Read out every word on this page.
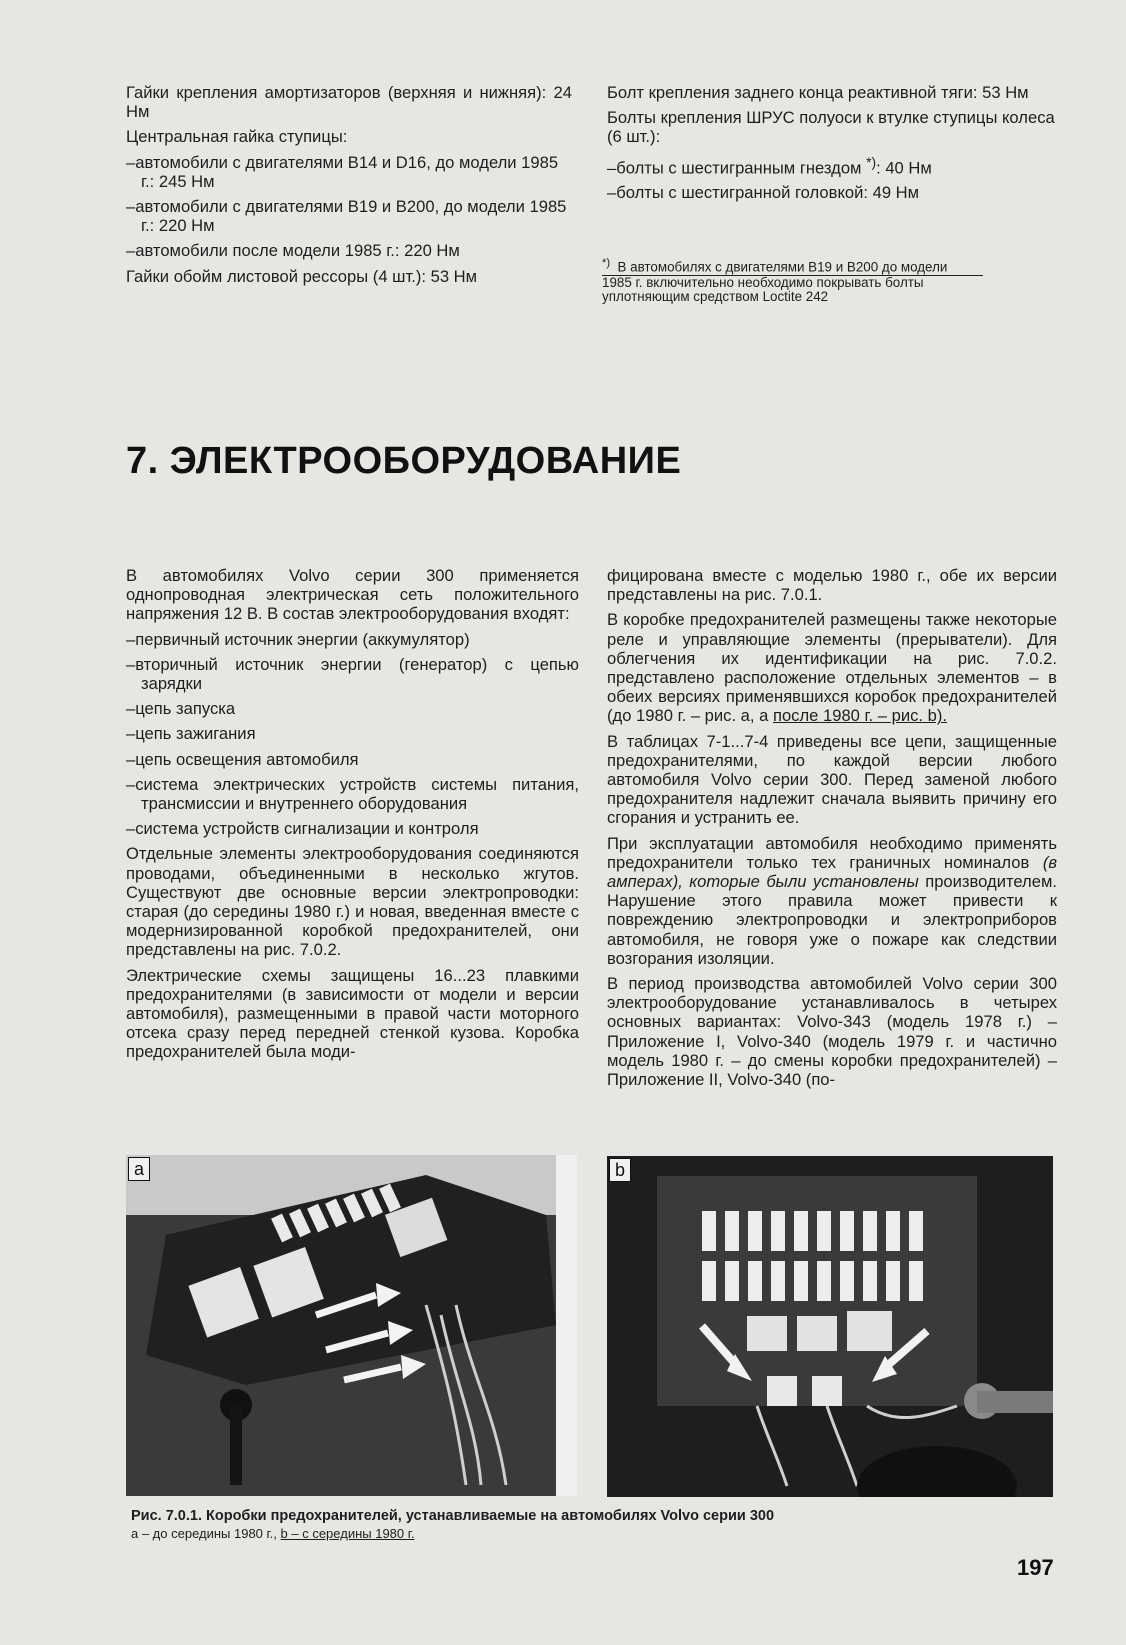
Гайки крепления амортизаторов (верхняя и нижняя): 24 Нм

Центральная гайка ступицы:

–автомобили с двигателями B14 и D16, до модели 1985 г.: 245 Нм

–автомобили с двигателями B19 и B200, до модели 1985 г.: 220 Нм

–автомобили после модели 1985 г.: 220 Нм

Гайки обойм листовой рессоры (4 шт.): 53 Нм

Болт крепления заднего конца реактивной тяги: 53 Нм

Болты крепления ШРУС полуоси к втулке ступицы колеса (6 шт.):

–болты с шестигранным гнездом *): 40 Нм

–болты с шестигранной головкой: 49 Нм

*) В автомобилях с двигателями B19 и B200 до модели
1985 г. включительно необходимо покрывать болты
уплотняющим средством Loctite 242
7. ЭЛЕКТРООБОРУДОВАНИЕ

В автомобилях Volvo серии 300 применяется однопроводная электрическая сеть положительного напряжения 12 В. В состав электрооборудования входят:

–первичный источник энергии (аккумулятор)

–вторичный источник энергии (генератор) с цепью зарядки

–цепь запуска

–цепь зажигания

–цепь освещения автомобиля

–система электрических устройств системы питания, трансмиссии и внутреннего оборудования

–система устройств сигнализации и контроля

Отдельные элементы электрооборудования соединяются проводами, объединенными в несколько жгутов. Существуют две основные версии электропроводки: старая (до середины 1980 г.) и новая, введенная вместе с модернизированной коробкой предохранителей, они представлены на рис. 7.0.2.

Электрические схемы защищены 16...23 плавкими предохранителями (в зависимости от модели и версии автомобиля), размещенными в правой части моторного отсека сразу перед передней стенкой кузова. Коробка предохранителей была моди-

фицирована вместе с моделью 1980 г., обе их версии представлены на рис. 7.0.1.

В коробке предохранителей размещены также некоторые реле и управляющие элементы (прерыватели). Для облегчения их идентификации на рис. 7.0.2. представлено расположение отдельных элементов – в обеих версиях применявшихся коробок предохранителей (до 1980 г. – рис. a, a после 1980 г. – рис. b).

В таблицах 7-1...7-4 приведены все цепи, защищенные предохранителями, по каждой версии любого автомобиля Volvo серии 300. Перед заменой любого предохранителя надлежит сначала выявить причину его сгорания и устранить ее.

При эксплуатации автомобиля необходимо применять предохранители только тех граничных номиналов (в амперах), которые были установлены производителем. Нарушение этого правила может привести к повреждению электропроводки и электроприборов автомобиля, не говоря уже о пожаре как следствии возгорания изоляции.

В период производства автомобилей Volvo серии 300 электрооборудование устанавливалось в четырех основных вариантах: Volvo-343 (модель 1978 г.) – Приложение I, Volvo-340 (модель 1979 г. и частично модель 1980 г. – до смены коробки предохранителей) – Приложение II, Volvo-340 (по-

a	b

Рис. 7.0.1. Коробки предохранителей, устанавливаемые на автомобилях Volvo серии 300

а – до середины 1980 г., b – с середины 1980 г.

197
